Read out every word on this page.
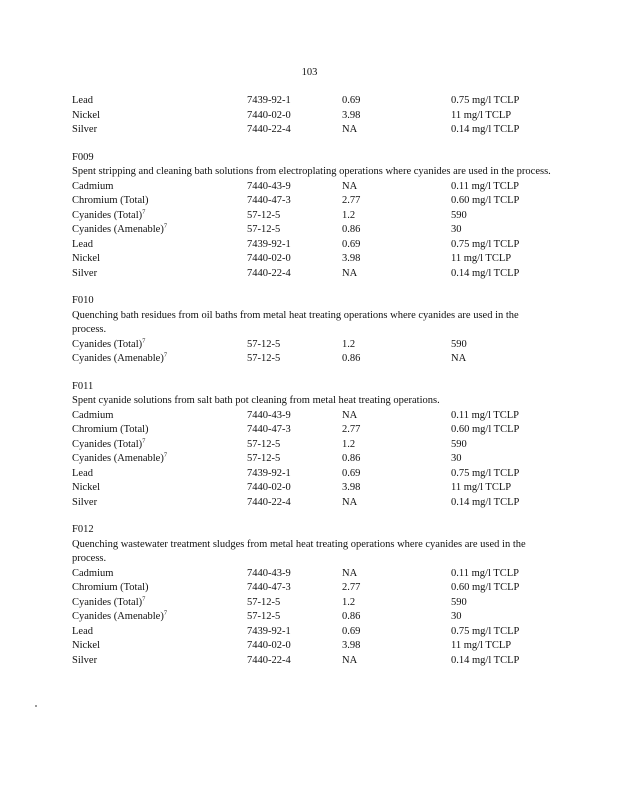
103
Lead	7439-92-1	0.69	0.75 mg/l TCLP
Nickel	7440-02-0	3.98	11 mg/l TCLP
Silver	7440-22-4	NA	0.14 mg/l TCLP
F009
Spent stripping and cleaning bath solutions from electroplating operations where cyanides are used in the process.
Cadmium	7440-43-9	NA	0.11 mg/l TCLP
Chromium (Total)	7440-47-3	2.77	0.60 mg/l TCLP
Cyanides (Total)$^7$	57-12-5	1.2	590
Cyanides (Amenable)$^7$	57-12-5	0.86	30
Lead	7439-92-1	0.69	0.75 mg/l TCLP
Nickel	7440-02-0	3.98	11 mg/l TCLP
Silver	7440-22-4	NA	0.14 mg/l TCLP
F010
Quenching bath residues from oil baths from metal heat treating operations where cyanides are used in the process.
Cyanides (Total)$^7$	57-12-5	1.2	590
Cyanides (Amenable)$^7$	57-12-5	0.86	NA
F011
Spent cyanide solutions from salt bath pot cleaning from metal heat treating operations.
Cadmium	7440-43-9	NA	0.11 mg/l TCLP
Chromium (Total)	7440-47-3	2.77	0.60 mg/l TCLP
Cyanides (Total)$^7$	57-12-5	1.2	590
Cyanides (Amenable)$^7$	57-12-5	0.86	30
Lead	7439-92-1	0.69	0.75 mg/l TCLP
Nickel	7440-02-0	3.98	11 mg/l TCLP
Silver	7440-22-4	NA	0.14 mg/l TCLP
F012
Quenching wastewater treatment sludges from metal heat treating operations where cyanides are used in the process.
Cadmium	7440-43-9	NA	0.11 mg/l TCLP
Chromium (Total)	7440-47-3	2.77	0.60 mg/l TCLP
Cyanides (Total)$^7$	57-12-5	1.2	590
Cyanides (Amenable)$^7$	57-12-5	0.86	30
Lead	7439-92-1	0.69	0.75 mg/l TCLP
Nickel	7440-02-0	3.98	11 mg/l TCLP
Silver	7440-22-4	NA	0.14 mg/l TCLP
